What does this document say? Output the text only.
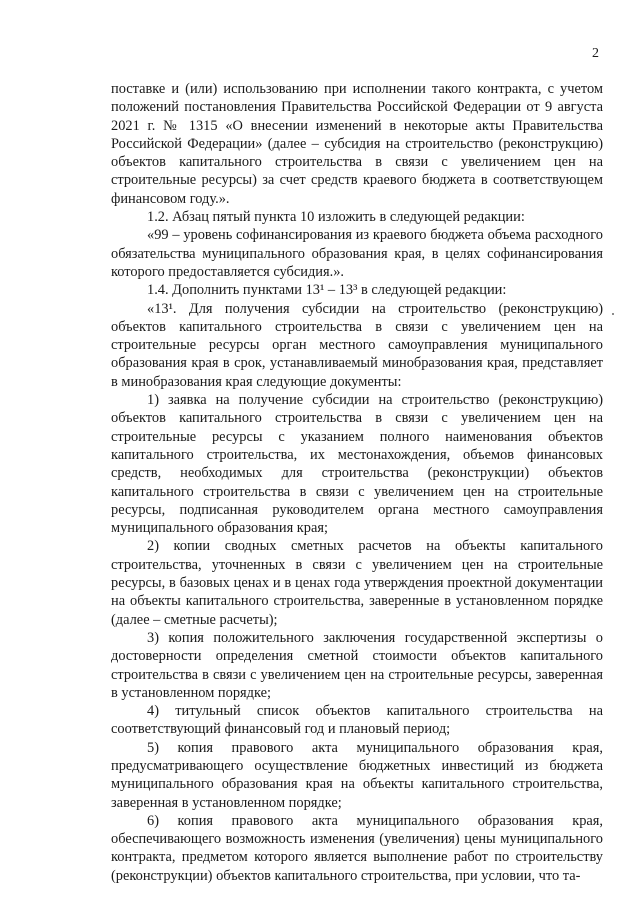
2

поставке и (или) использованию при исполнении такого контракта, с учетом положений постановления Правительства Российской Федерации от 9 августа 2021 г. № 1315 «О внесении изменений в некоторые акты Правительства Российской Федерации» (далее – субсидия на строительство (реконструкцию) объектов капитального строительства в связи с увеличением цен на строительные ресурсы) за счет средств краевого бюджета в соответствующем финансовом году.».

1.2. Абзац пятый пункта 10 изложить в следующей редакции:

«99 – уровень софинансирования из краевого бюджета объема расходного обязательства муниципального образования края, в целях софинансирования которого предоставляется субсидия.».

1.4. Дополнить пунктами 13¹ – 13³ в следующей редакции:

«13¹. Для получения субсидии на строительство (реконструкцию) объектов капитального строительства в связи с увеличением цен на строительные ресурсы орган местного самоуправления муниципального образования края в срок, устанавливаемый минобразования края, представляет в минобразования края следующие документы:

1) заявка на получение субсидии на строительство (реконструкцию) объектов капитального строительства в связи с увеличением цен на строительные ресурсы с указанием полного наименования объектов капитального строительства, их местонахождения, объемов финансовых средств, необходимых для строительства (реконструкции) объектов капитального строительства в связи с увеличением цен на строительные ресурсы, подписанная руководителем органа местного самоуправления муниципального образования края;

2) копии сводных сметных расчетов на объекты капитального строительства, уточненных в связи с увеличением цен на строительные ресурсы, в базовых ценах и в ценах года утверждения проектной документации на объекты капитального строительства, заверенные в установленном порядке (далее – сметные расчеты);

3) копия положительного заключения государственной экспертизы о достоверности определения сметной стоимости объектов капитального строительства в связи с увеличением цен на строительные ресурсы, заверенная в установленном порядке;

4) титульный список объектов капитального строительства на соответствующий финансовый год и плановый период;

5) копия правового акта муниципального образования края, предусматривающего осуществление бюджетных инвестиций из бюджета муниципального образования края на объекты капитального строительства, заверенная в установленном порядке;

6) копия правового акта муниципального образования края, обеспечивающего возможность изменения (увеличения) цены муниципального контракта, предметом которого является выполнение работ по строительству (реконструкции) объектов капитального строительства, при условии, что та-
